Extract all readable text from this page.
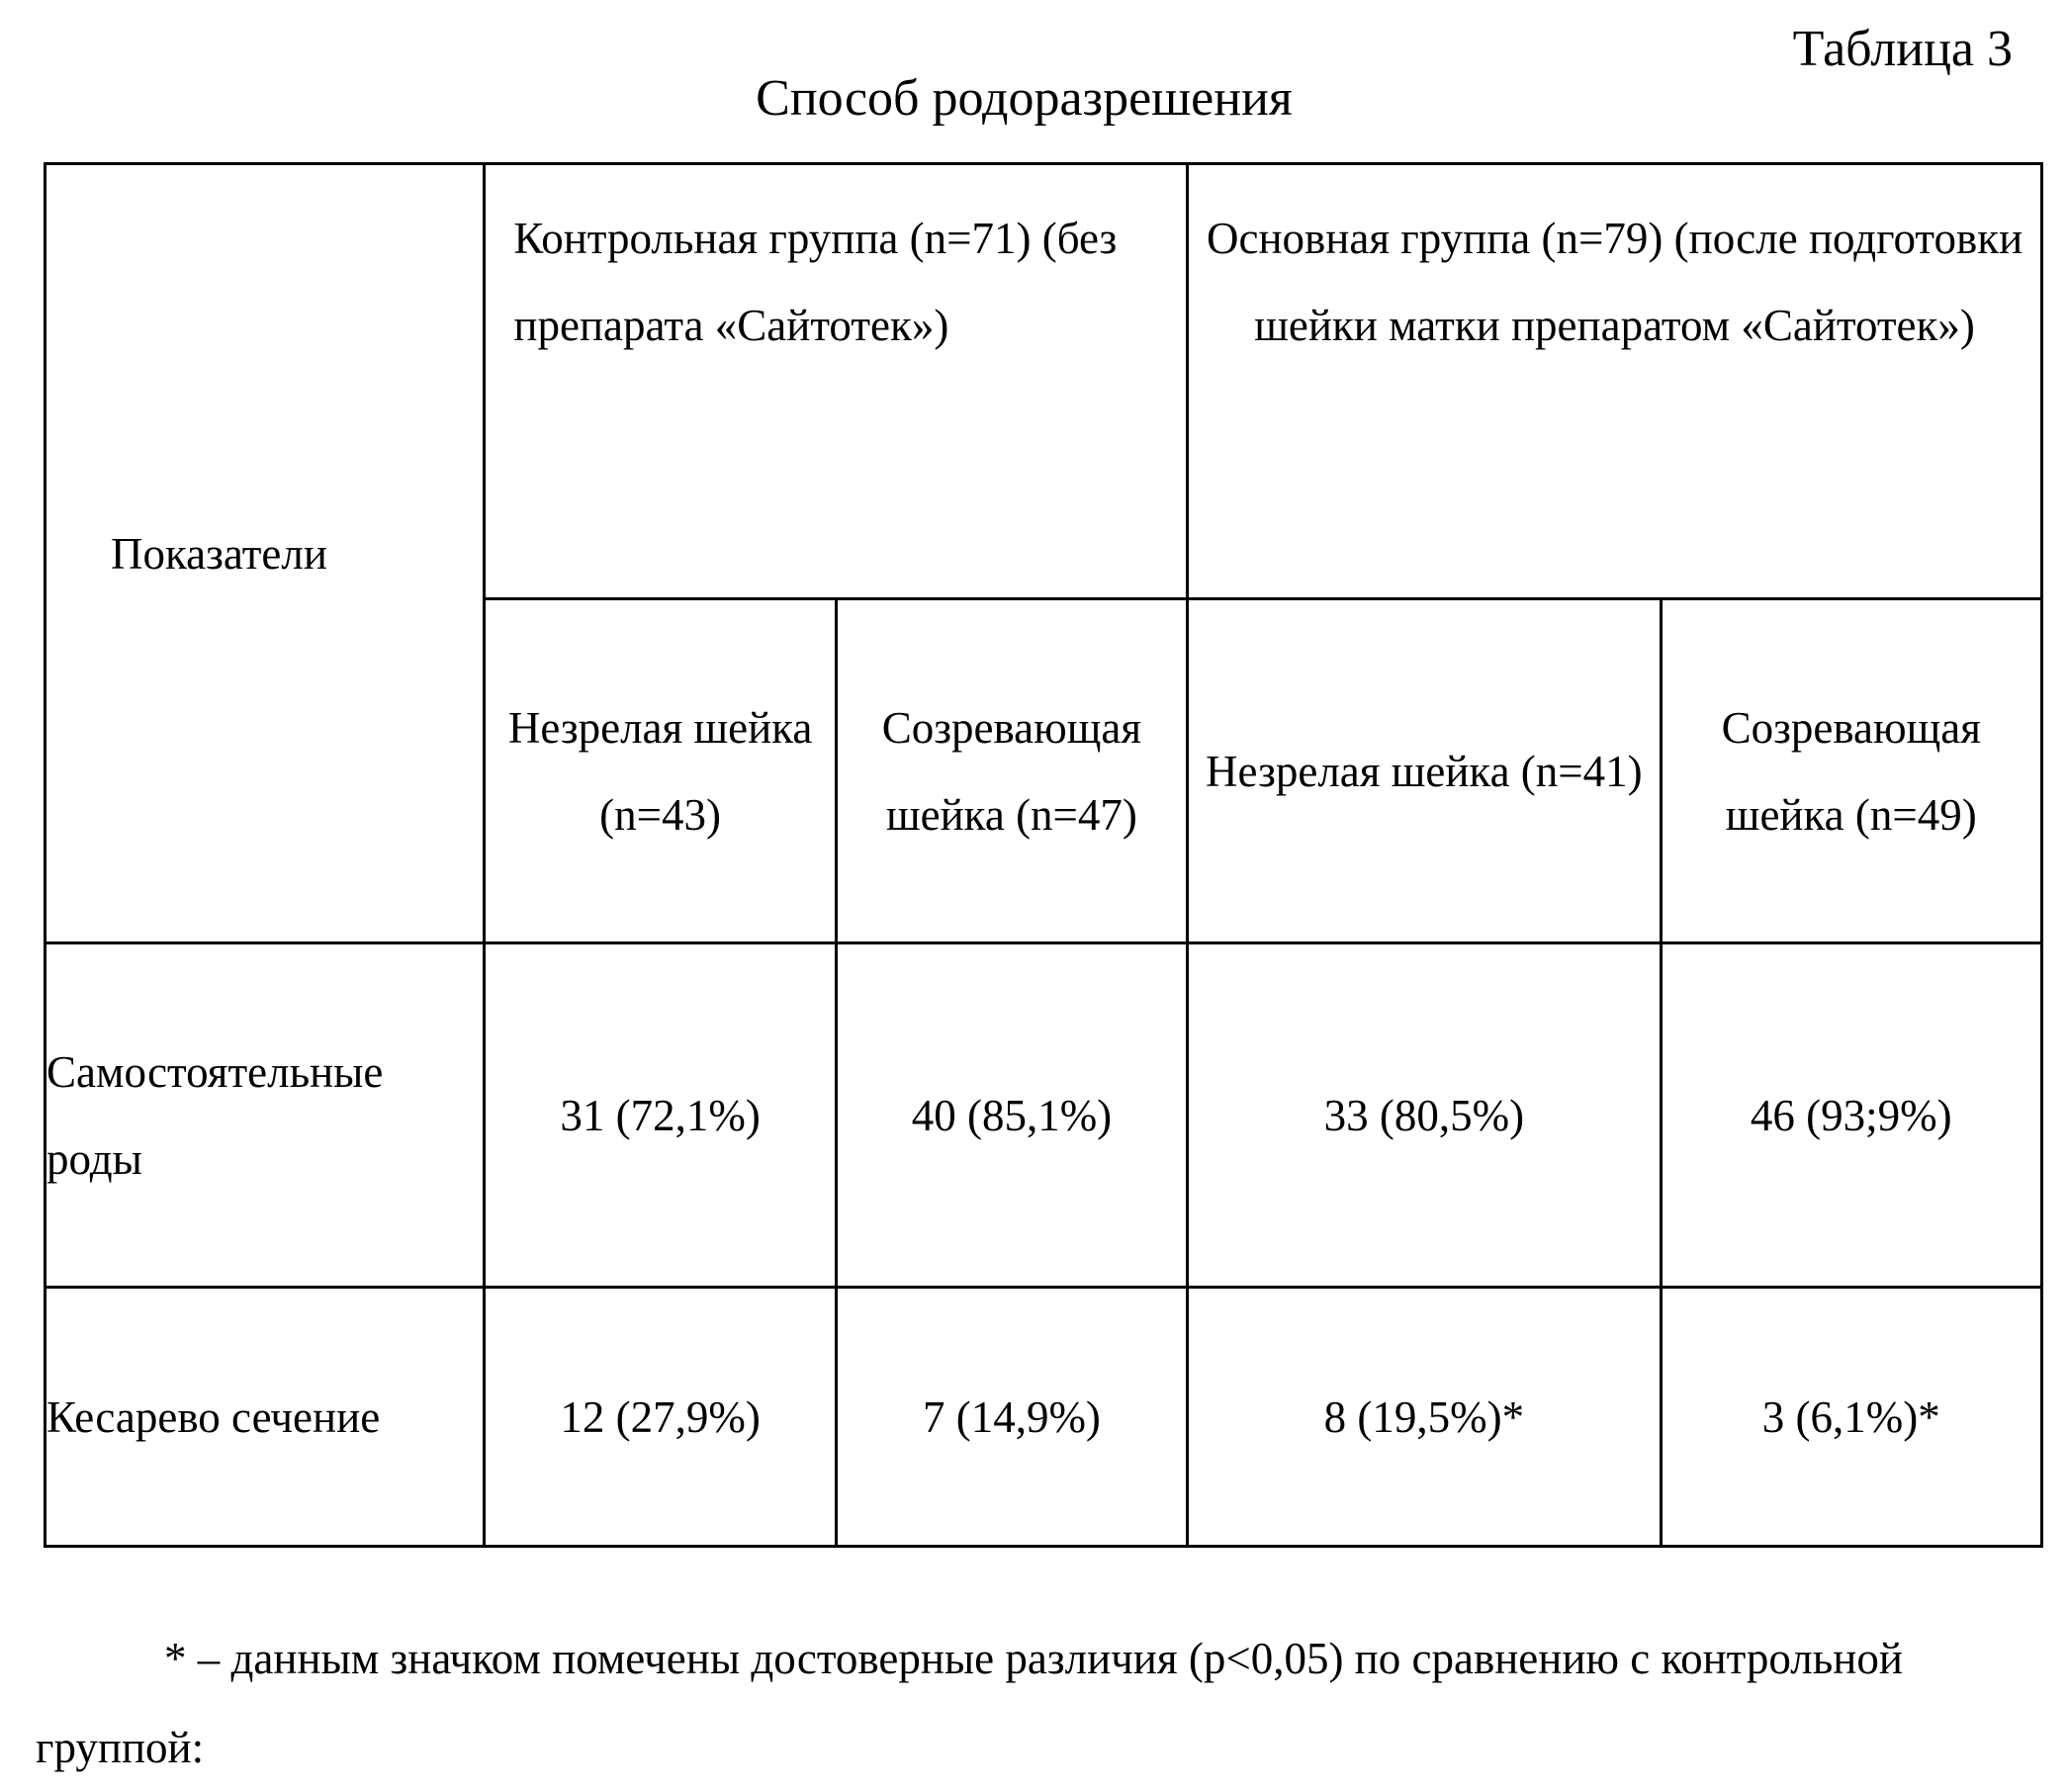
Таблица 3
Способ родоразрешения
Показатели	Контрольная группа (n=71) (без препарата «Сайтотек»)		Основная группа (n=79) (после подготовки шейки матки препаратом «Сайтотек»)	
	Незрелая шейка (n=43)	Созревающая шейка (n=47)	Незрелая шейка (n=41)	Созревающая шейка (n=49)
Самостоятельные роды	31 (72,1%)	40 (85,1%)	33 (80,5%)	46 (93;9%)
Кесарево сечение	12 (27,9%)	7 (14,9%)	8 (19,5%)*	3 (6,1%)*
* – данным значком помечены достоверные различия (p<0,05) по сравнению с контрольной группой:
